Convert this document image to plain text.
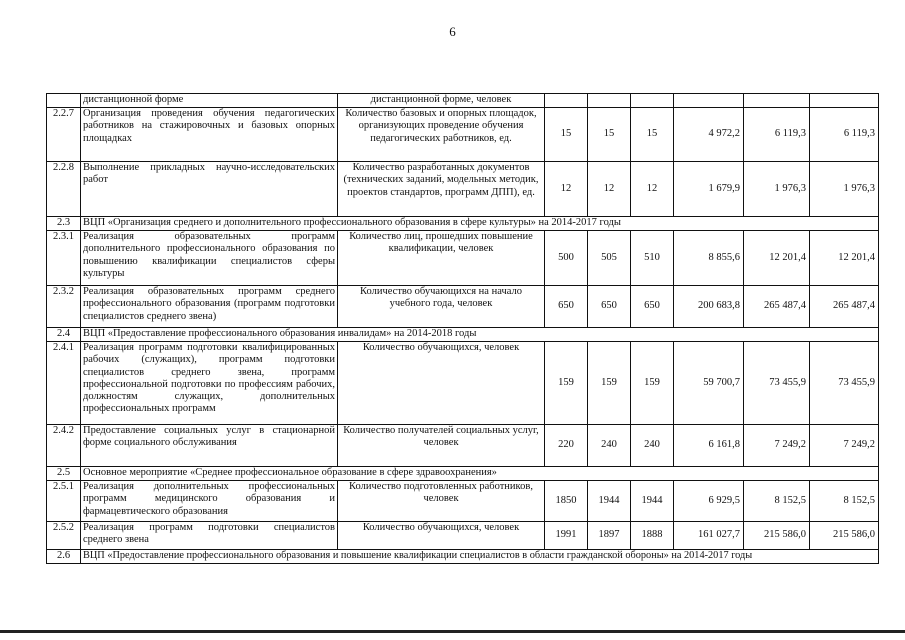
6
	дистанционной форме	дистанционной форме, человек						
2.2.7	Организация проведения обучения педагогических работников на стажировочных и базовых опорных площадках	Количество базовых и опорных площадок, организующих проведение обучения педагогических работников, ед.	15	15	15	4 972,2	6 119,3	6 119,3
2.2.8	Выполнение прикладных научно-исследовательских работ	Количество разработанных документов (технических заданий, модельных методик, проектов стандартов, программ ДПП), ед.	12	12	12	1 679,9	1 976,3	1 976,3
2.3	ВЦП «Организация среднего и дополнительного профессионального образования в сфере культуры» на 2014-2017 годы							
2.3.1	Реализация образовательных программ дополнительного профессионального образования по повышению квалификации специалистов сферы культуры	Количество лиц, прошедших повышение квалификации, человек	500	505	510	8 855,6	12 201,4	12 201,4
2.3.2	Реализация образовательных программ среднего профессионального образования (программ подготовки специалистов среднего звена)	Количество обучающихся на начало учебного года, человек	650	650	650	200 683,8	265 487,4	265 487,4
2.4	ВЦП «Предоставление профессионального образования инвалидам» на 2014-2018 годы							
2.4.1	Реализация программ подготовки квалифицированных рабочих (служащих), программ подготовки специалистов среднего звена, программ профессиональной подготовки по профессиям рабочих, должностям служащих, дополнительных профессиональных программ	Количество обучающихся, человек	159	159	159	59 700,7	73 455,9	73 455,9
2.4.2	Предоставление социальных услуг в стационарной форме социального обслуживания	Количество получателей социальных услуг, человек	220	240	240	6 161,8	7 249,2	7 249,2
2.5	Основное мероприятие «Среднее профессиональное образование в сфере здравоохранения»							
2.5.1	Реализация дополнительных профессиональных программ медицинского образования и фармацевтического образования	Количество подготовленных работников, человек	1850	1944	1944	6 929,5	8 152,5	8 152,5
2.5.2	Реализация программ подготовки специалистов среднего звена	Количество обучающихся, человек	1991	1897	1888	161 027,7	215 586,0	215 586,0
2.6	ВЦП «Предоставление профессионального образования и повышение квалификации специалистов в области гражданской обороны» на 2014-2017 годы							
